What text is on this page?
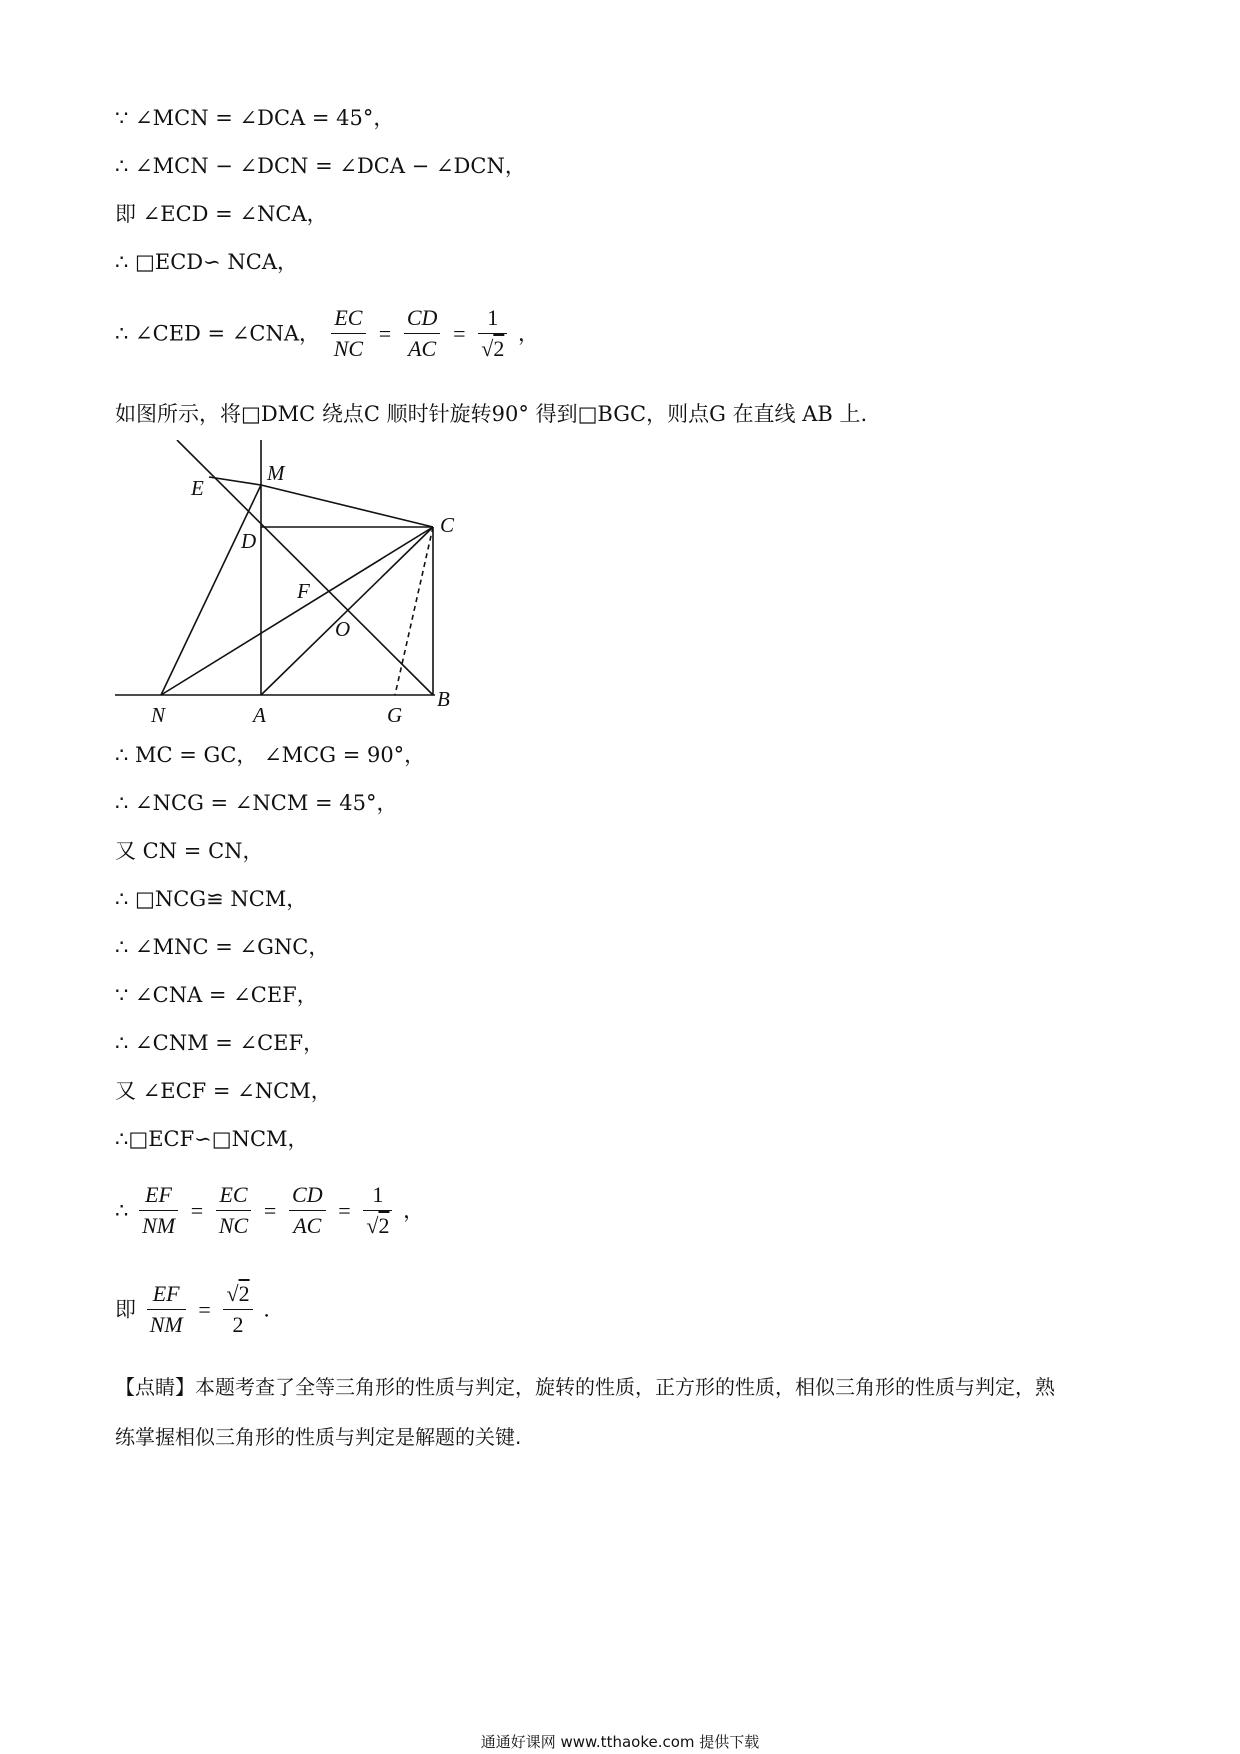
∵ ∠MCN = ∠DCA = 45°，
∴ ∠MCN − ∠DCN = ∠DCA − ∠DCN，
即 ∠ECD = ∠NCA，
∴ □ECD∽ NCA，
∴ ∠CED = ∠CNA， $\frac{EC}{NC} = \frac{CD}{AC} = \frac{1}{√2}$ ，
如图所示，将□DMC 绕点C 顺时针旋转90° 得到□BGC，则点G 在直线 AB 上.
E
M
C
D
F
O
N	A	G
B
∴ MC = GC， ∠MCG = 90°，
∴ ∠NCG = ∠NCM = 45°，
又 CN = CN，
∴ □NCG≌ NCM，
∴ ∠MNC = ∠GNC，
∵ ∠CNA = ∠CEF，
∴ ∠CNM = ∠CEF，
又 ∠ECF = ∠NCM，
∴□ECF∽□NCM，
∴ $\frac{EF}{NM} = \frac{EC}{NC} = \frac{CD}{AC} = \frac{1}{√2}$ ，
即 $\frac{EF}{NM} = \frac{√2}{2}$ .
【点睛】本题考查了全等三角形的性质与判定，旋转的性质，正方形的性质，相似三角形的性质与判定，熟
练掌握相似三角形的性质与判定是解题的关键.
通通好课网 www.tthaoke.com 提供下载
